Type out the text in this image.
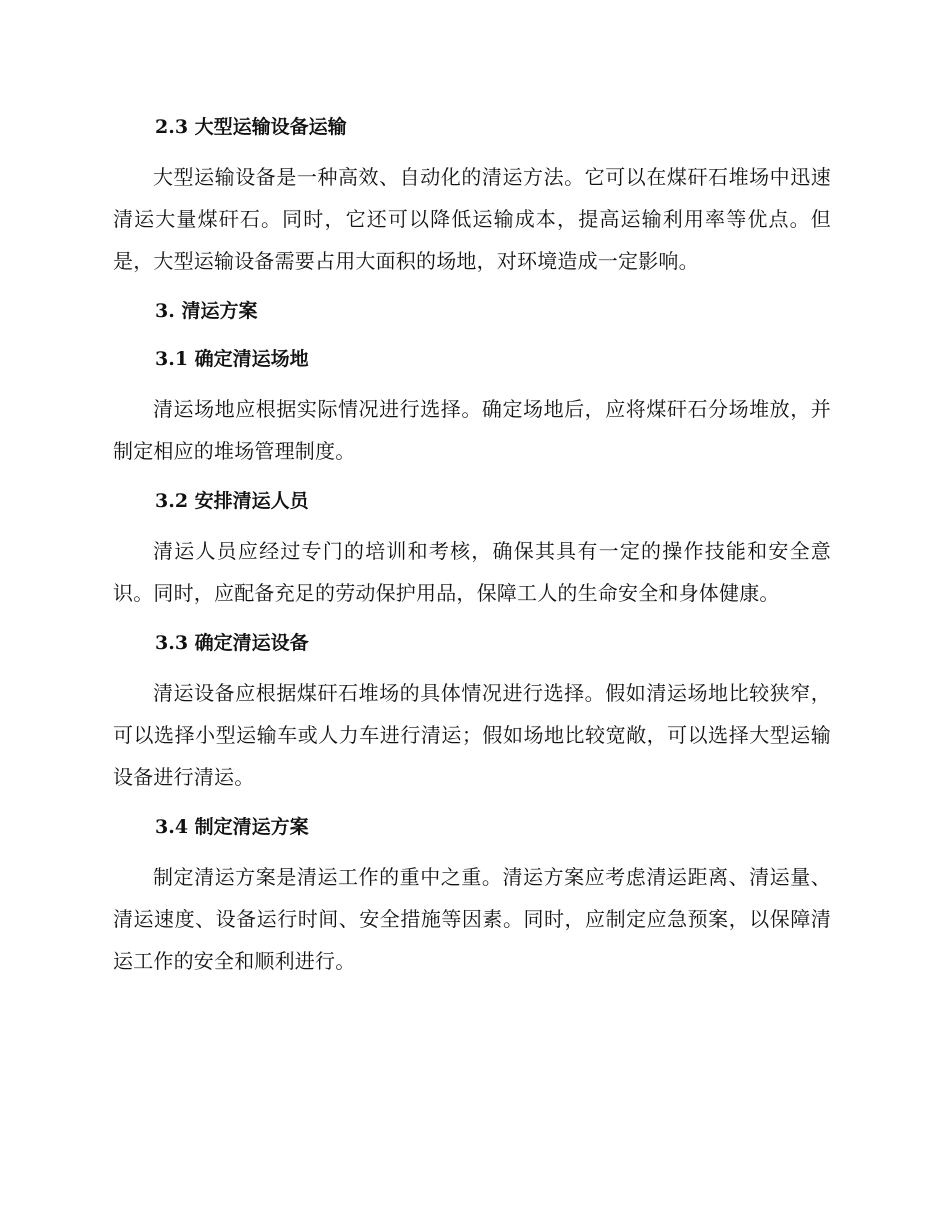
2.3 大型运输设备运输

大型运输设备是一种高效、自动化的清运方法。它可以在煤矸石堆场中迅速清运大量煤矸石。同时，它还可以降低运输成本，提高运输利用率等优点。但是，大型运输设备需要占用大面积的场地，对环境造成一定影响。

3. 清运方案
3.1 确定清运场地

清运场地应根据实际情况进行选择。确定场地后，应将煤矸石分场堆放，并制定相应的堆场管理制度。

3.2 安排清运人员

清运人员应经过专门的培训和考核，确保其具有一定的操作技能和安全意识。同时，应配备充足的劳动保护用品，保障工人的生命安全和身体健康。

3.3 确定清运设备

清运设备应根据煤矸石堆场的具体情况进行选择。假如清运场地比较狭窄，可以选择小型运输车或人力车进行清运；假如场地比较宽敞，可以选择大型运输设备进行清运。

3.4 制定清运方案

制定清运方案是清运工作的重中之重。清运方案应考虑清运距离、清运量、清运速度、设备运行时间、安全措施等因素。同时，应制定应急预案，以保障清运工作的安全和顺利进行。
